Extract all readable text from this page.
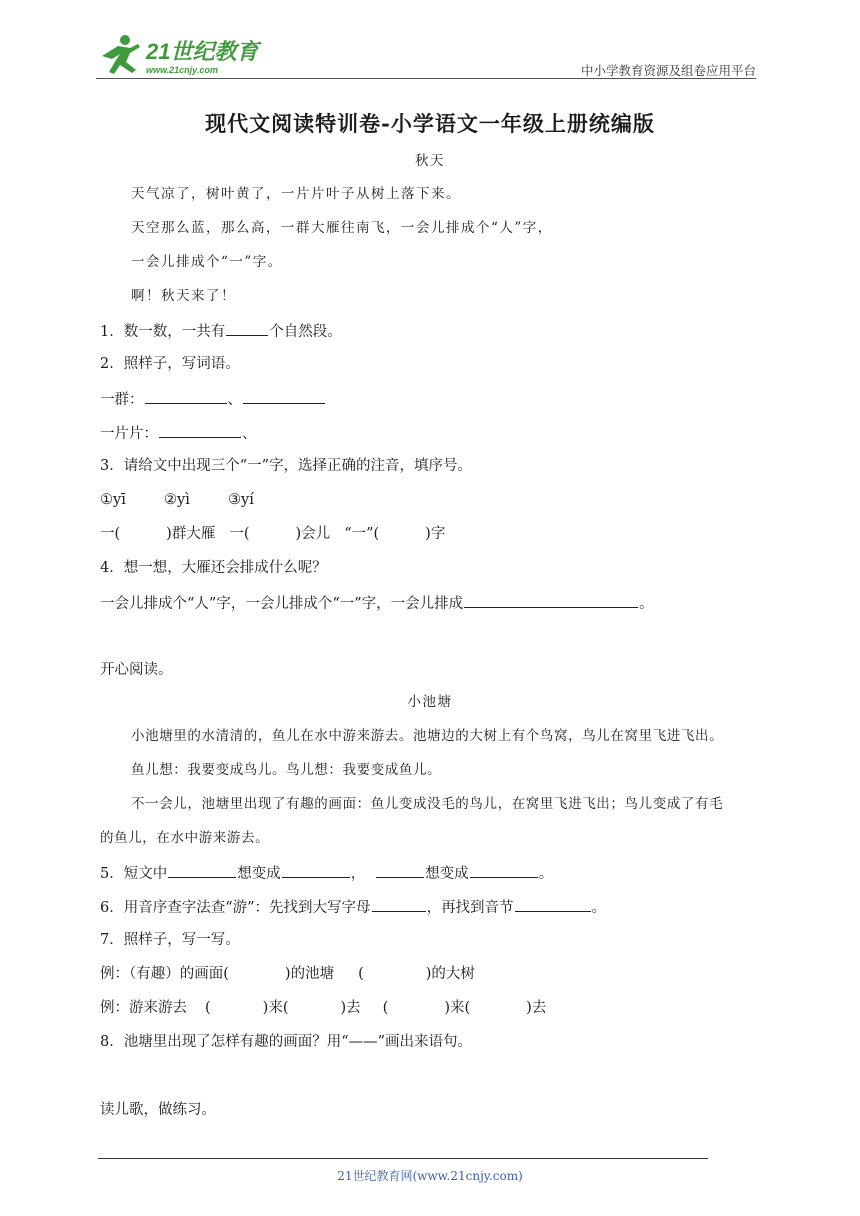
21世纪教育
www.21cnjy.com	中小学教育资源及组卷应用平台
现代文阅读特训卷-小学语文一年级上册统编版
秋天
天气凉了，树叶黄了，一片片叶子从树上落下来。
天空那么蓝，那么高，一群大雁往南飞，一会儿排成个“人”字，
一会儿排成个“一”字。
啊！秋天来了！
1．数一数，一共有	个自然段。
2．照样子，写词语。
一群：	、
一片片：	、
3．请给文中出现三个“一”字，选择正确的注音，填序号。
①yī	②yì	③yí
一(	)群大雁 一(	)会儿 “一”(	)字
4．想一想，大雁还会排成什么呢？
一会儿排成个“人”字，一会儿排成个“一”字，一会儿排成	。
开心阅读。
小池塘
小池塘里的水清清的，鱼儿在水中游来游去。池塘边的大树上有个鸟窝，鸟儿在窝里飞进飞出。
鱼儿想：我要变成鸟儿。鸟儿想：我要变成鱼儿。
不一会儿，池塘里出现了有趣的画面：鱼儿变成没毛的鸟儿，在窝里飞进飞出；鸟儿变成了有毛
的鱼儿，在水中游来游去。
5．短文中	想变成	，	想变成	。
6．用音序查字法查“游”：先找到大写字母	，再找到音节	。
7．照样子，写一写。
例：（有趣）的画面(	)的池塘 (	)的大树
例：游来游去 (	)来(	)去 (	)来(	)去
8．池塘里出现了怎样有趣的画面？用“——”画出来语句。
读儿歌，做练习。
21世纪教育网(www.21cnjy.com)
